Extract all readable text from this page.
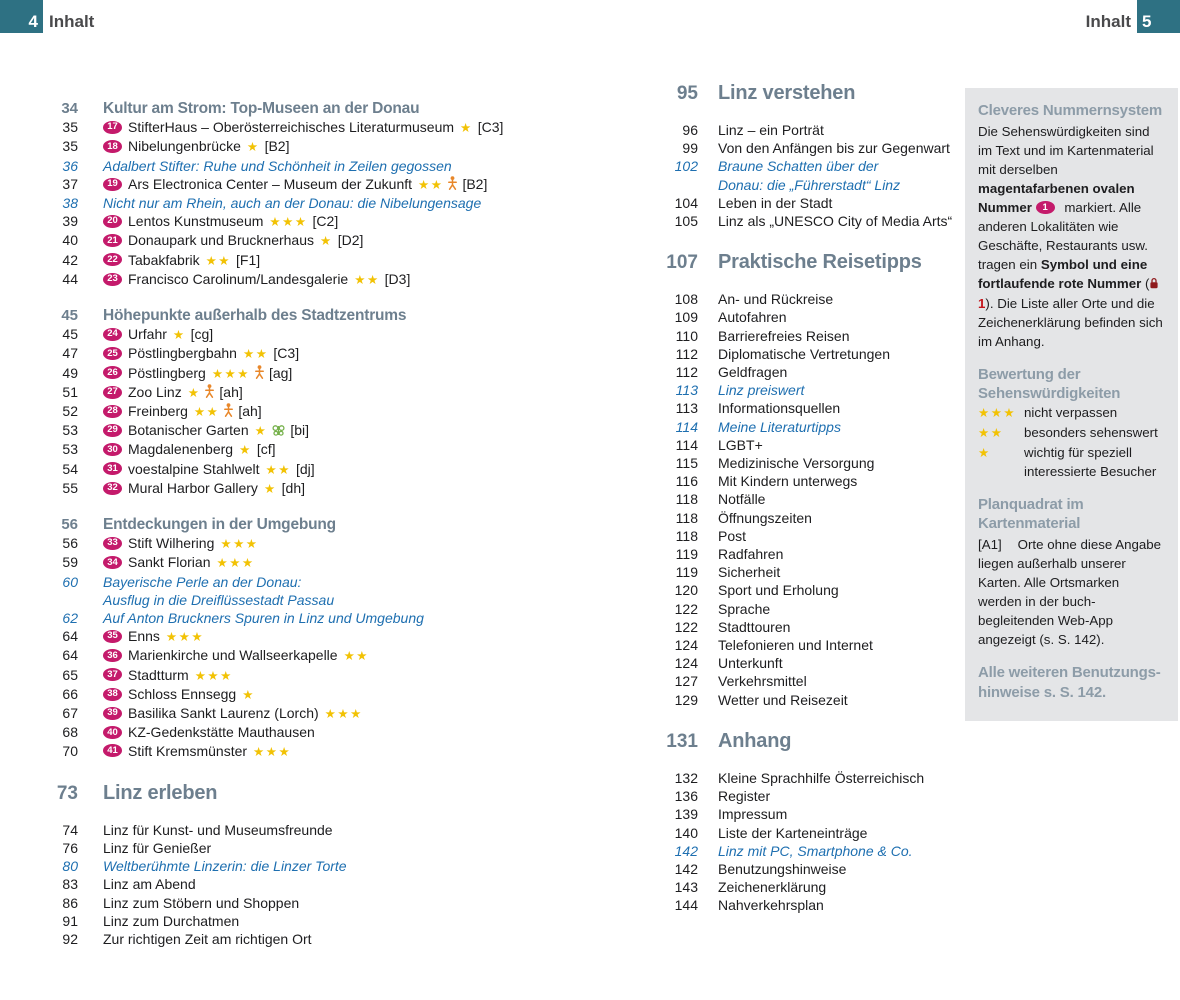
4 Inhalt	Inhalt 5
34 Kultur am Strom: Top-Museen an der Donau
35	17 StifterHaus – Oberösterreichisches Literaturmuseum ★ [C3]
35	18 Nibelungenbrücke ★ [B2]
36 Adalbert Stifter: Ruhe und Schönheit in Zeilen gegossen
37	19 Ars Electronica Center – Museum der Zukunft ★★ [B2]
38 Nicht nur am Rhein, auch an der Donau: die Nibelungensage
39	20 Lentos Kunstmuseum ★★★ [C2]
40	21 Donaupark und Brucknerhaus ★ [D2]
42	22 Tabakfabrik ★★ [F1]
44	23 Francisco Carolinum/Landesgalerie ★★ [D3]
45 Höhepunkte außerhalb des Stadtzentrums
45	24 Urfahr ★ [cg]
47	25 Pöstlingbergbahn ★★ [C3]
49	26 Pöstlingberg ★★★ [ag]
51	27 Zoo Linz ★ [ah]
52	28 Freinberg ★★ [ah]
53	29 Botanischer Garten ★ [bi]
53	30 Magdalenenberg ★ [cf]
54	31 voestalpine Stahlwelt ★★ [dj]
55	32 Mural Harbor Gallery ★ [dh]
56 Entdeckungen in der Umgebung
56	33 Stift Wilhering ★★★
59	34 Sankt Florian ★★★
60 Bayerische Perle an der Donau:
Ausflug in die Dreiflüssestadt Passau
62 Auf Anton Bruckners Spuren in Linz und Umgebung
64	35 Enns ★★★
64	36 Marienkirche und Wallseerkapelle ★★
65	37 Stadtturm ★★★
66	38 Schloss Ennsegg ★
67	39 Basilika Sankt Laurenz (Lorch) ★★★
68	40 KZ-Gedenkstätte Mauthausen
70	41 Stift Kremsmünster ★★★
73 Linz erleben
74 Linz für Kunst- und Museumsfreunde
76 Linz für Genießer
80 Weltberühmte Linzerin: die Linzer Torte
83 Linz am Abend
86 Linz zum Stöbern und Shoppen
91 Linz zum Durchatmen
92 Zur richtigen Zeit am richtigen Ort
95 Linz verstehen
96 Linz – ein Porträt
99 Von den Anfängen bis zur Gegenwart
102 Braune Schatten über der
Donau: die „Führerstadt“ Linz
104 Leben in der Stadt
105 Linz als „UNESCO City of Media Arts“
107 Praktische Reisetipps
108 An- und Rückreise
109 Autofahren
110 Barrierefreies Reisen
112 Diplomatische Vertretungen
112 Geldfragen
113 Linz preiswert
113 Informationsquellen
114 Meine Literaturtipps
114 LGBT+
115 Medizinische Versorgung
116 Mit Kindern unterwegs
118 Notfälle
118 Öffnungszeiten
118 Post
119 Radfahren
119 Sicherheit
120 Sport und Erholung
122 Sprache
122 Stadttouren
124 Telefonieren und Internet
124 Unterkunft
127 Verkehrsmittel
129 Wetter und Reisezeit
131 Anhang
132 Kleine Sprachhilfe Österreichisch
136 Register
139 Impressum
140 Liste der Karteneinträge
142 Linz mit PC, Smartphone & Co.
142 Benutzungshinweise
143 Zeichenerklärung
144 Nahverkehrsplan
Cleveres Nummernsystem
Die Sehenswürdigkeiten sind im Text und im Kartenmaterial mit derselben magentafarbenen ovalen Nummer 1 markiert. Alle anderen Lokalitäten wie Geschäfte, Restaurants usw. tragen ein Symbol und eine fortlaufende rote Nummer (1). Die Liste aller Orte und die Zeichenerklärung befinden sich im Anhang.
Bewertung der Sehenswürdigkeiten
★★★ nicht verpassen
★★	besonders sehenswert
★	wichtig für speziell
interessierte Besucher
Planquadrat im Kartenmaterial
[A1] Orte ohne diese Angabe liegen außerhalb unserer Karten. Alle Ortsmarken werden in der buchbegleitenden Web-App angezeigt (s. S. 142).
Alle weiteren Benutzungs-
hinweise s. S. 142.
